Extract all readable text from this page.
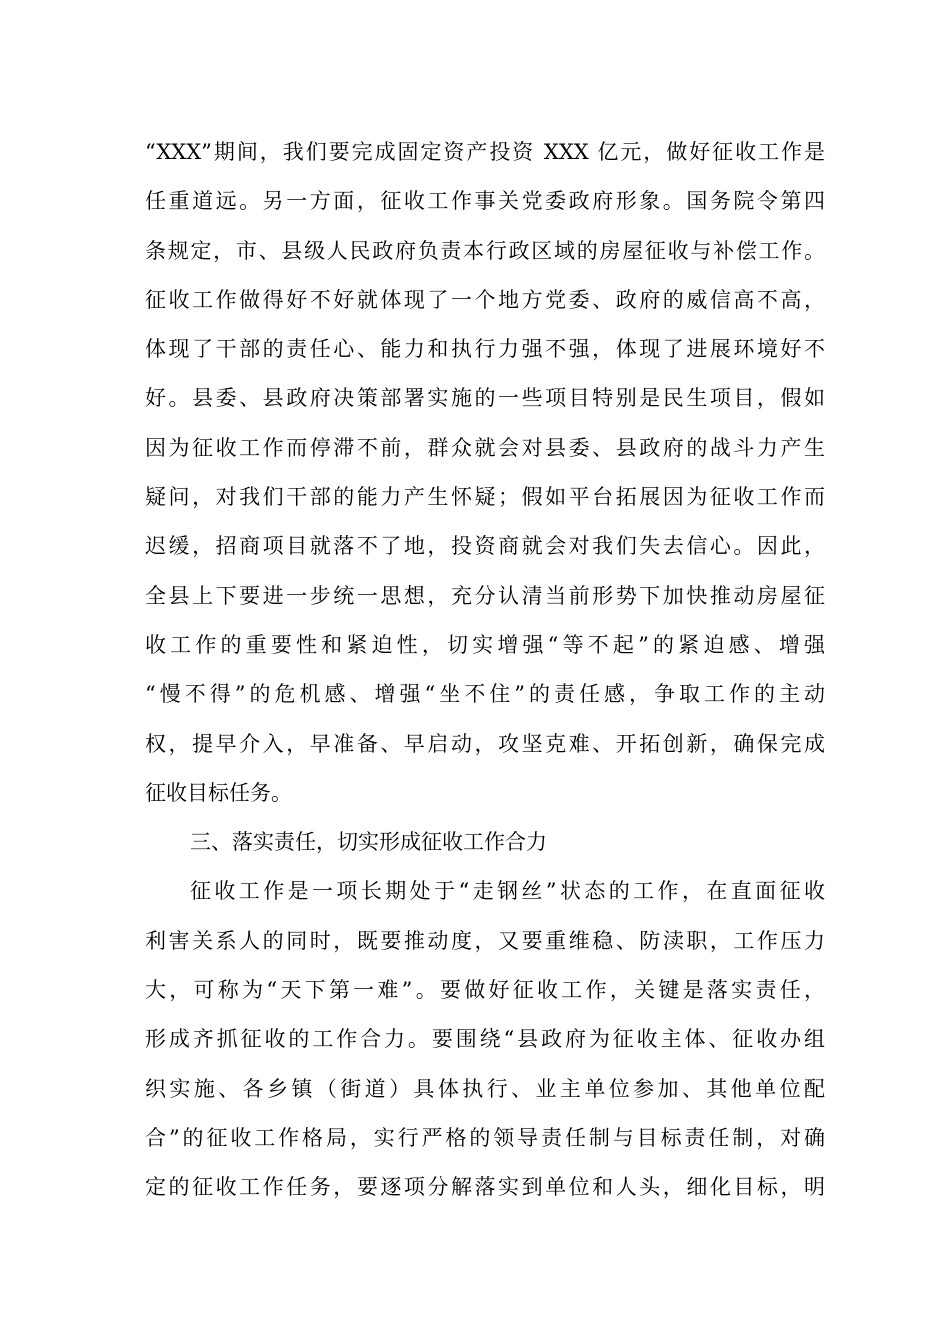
“XXX”期间，我们要完成固定资产投资 XXX 亿元，做好征收工作是
任重道远。另一方面，征收工作事关党委政府形象。国务院令第四
条规定，市、县级人民政府负责本行政区域的房屋征收与补偿工作。
征收工作做得好不好就体现了一个地方党委、政府的威信高不高，
体现了干部的责任心、能力和执行力强不强，体现了进展环境好不
好。县委、县政府决策部署实施的一些项目特别是民生项目，假如
因为征收工作而停滞不前，群众就会对县委、县政府的战斗力产生
疑问，对我们干部的能力产生怀疑；假如平台拓展因为征收工作而
迟缓，招商项目就落不了地，投资商就会对我们失去信心。因此，
全县上下要进一步统一思想，充分认清当前形势下加快推动房屋征
收工作的重要性和紧迫性，切实增强“等不起”的紧迫感、增强
“慢不得”的危机感、增强“坐不住”的责任感，争取工作的主动
权，提早介入，早准备、早启动，攻坚克难、开拓创新，确保完成
征收目标任务。
三、落实责任，切实形成征收工作合力
征收工作是一项长期处于“走钢丝”状态的工作，在直面征收
利害关系人的同时，既要推动度，又要重维稳、防渎职，工作压力
大，可称为“天下第一难”。要做好征收工作，关键是落实责任，
形成齐抓征收的工作合力。要围绕“县政府为征收主体、征收办组
织实施、各乡镇（街道）具体执行、业主单位参加、其他单位配
合”的征收工作格局，实行严格的领导责任制与目标责任制，对确
定的征收工作任务，要逐项分解落实到单位和人头，细化目标，明
